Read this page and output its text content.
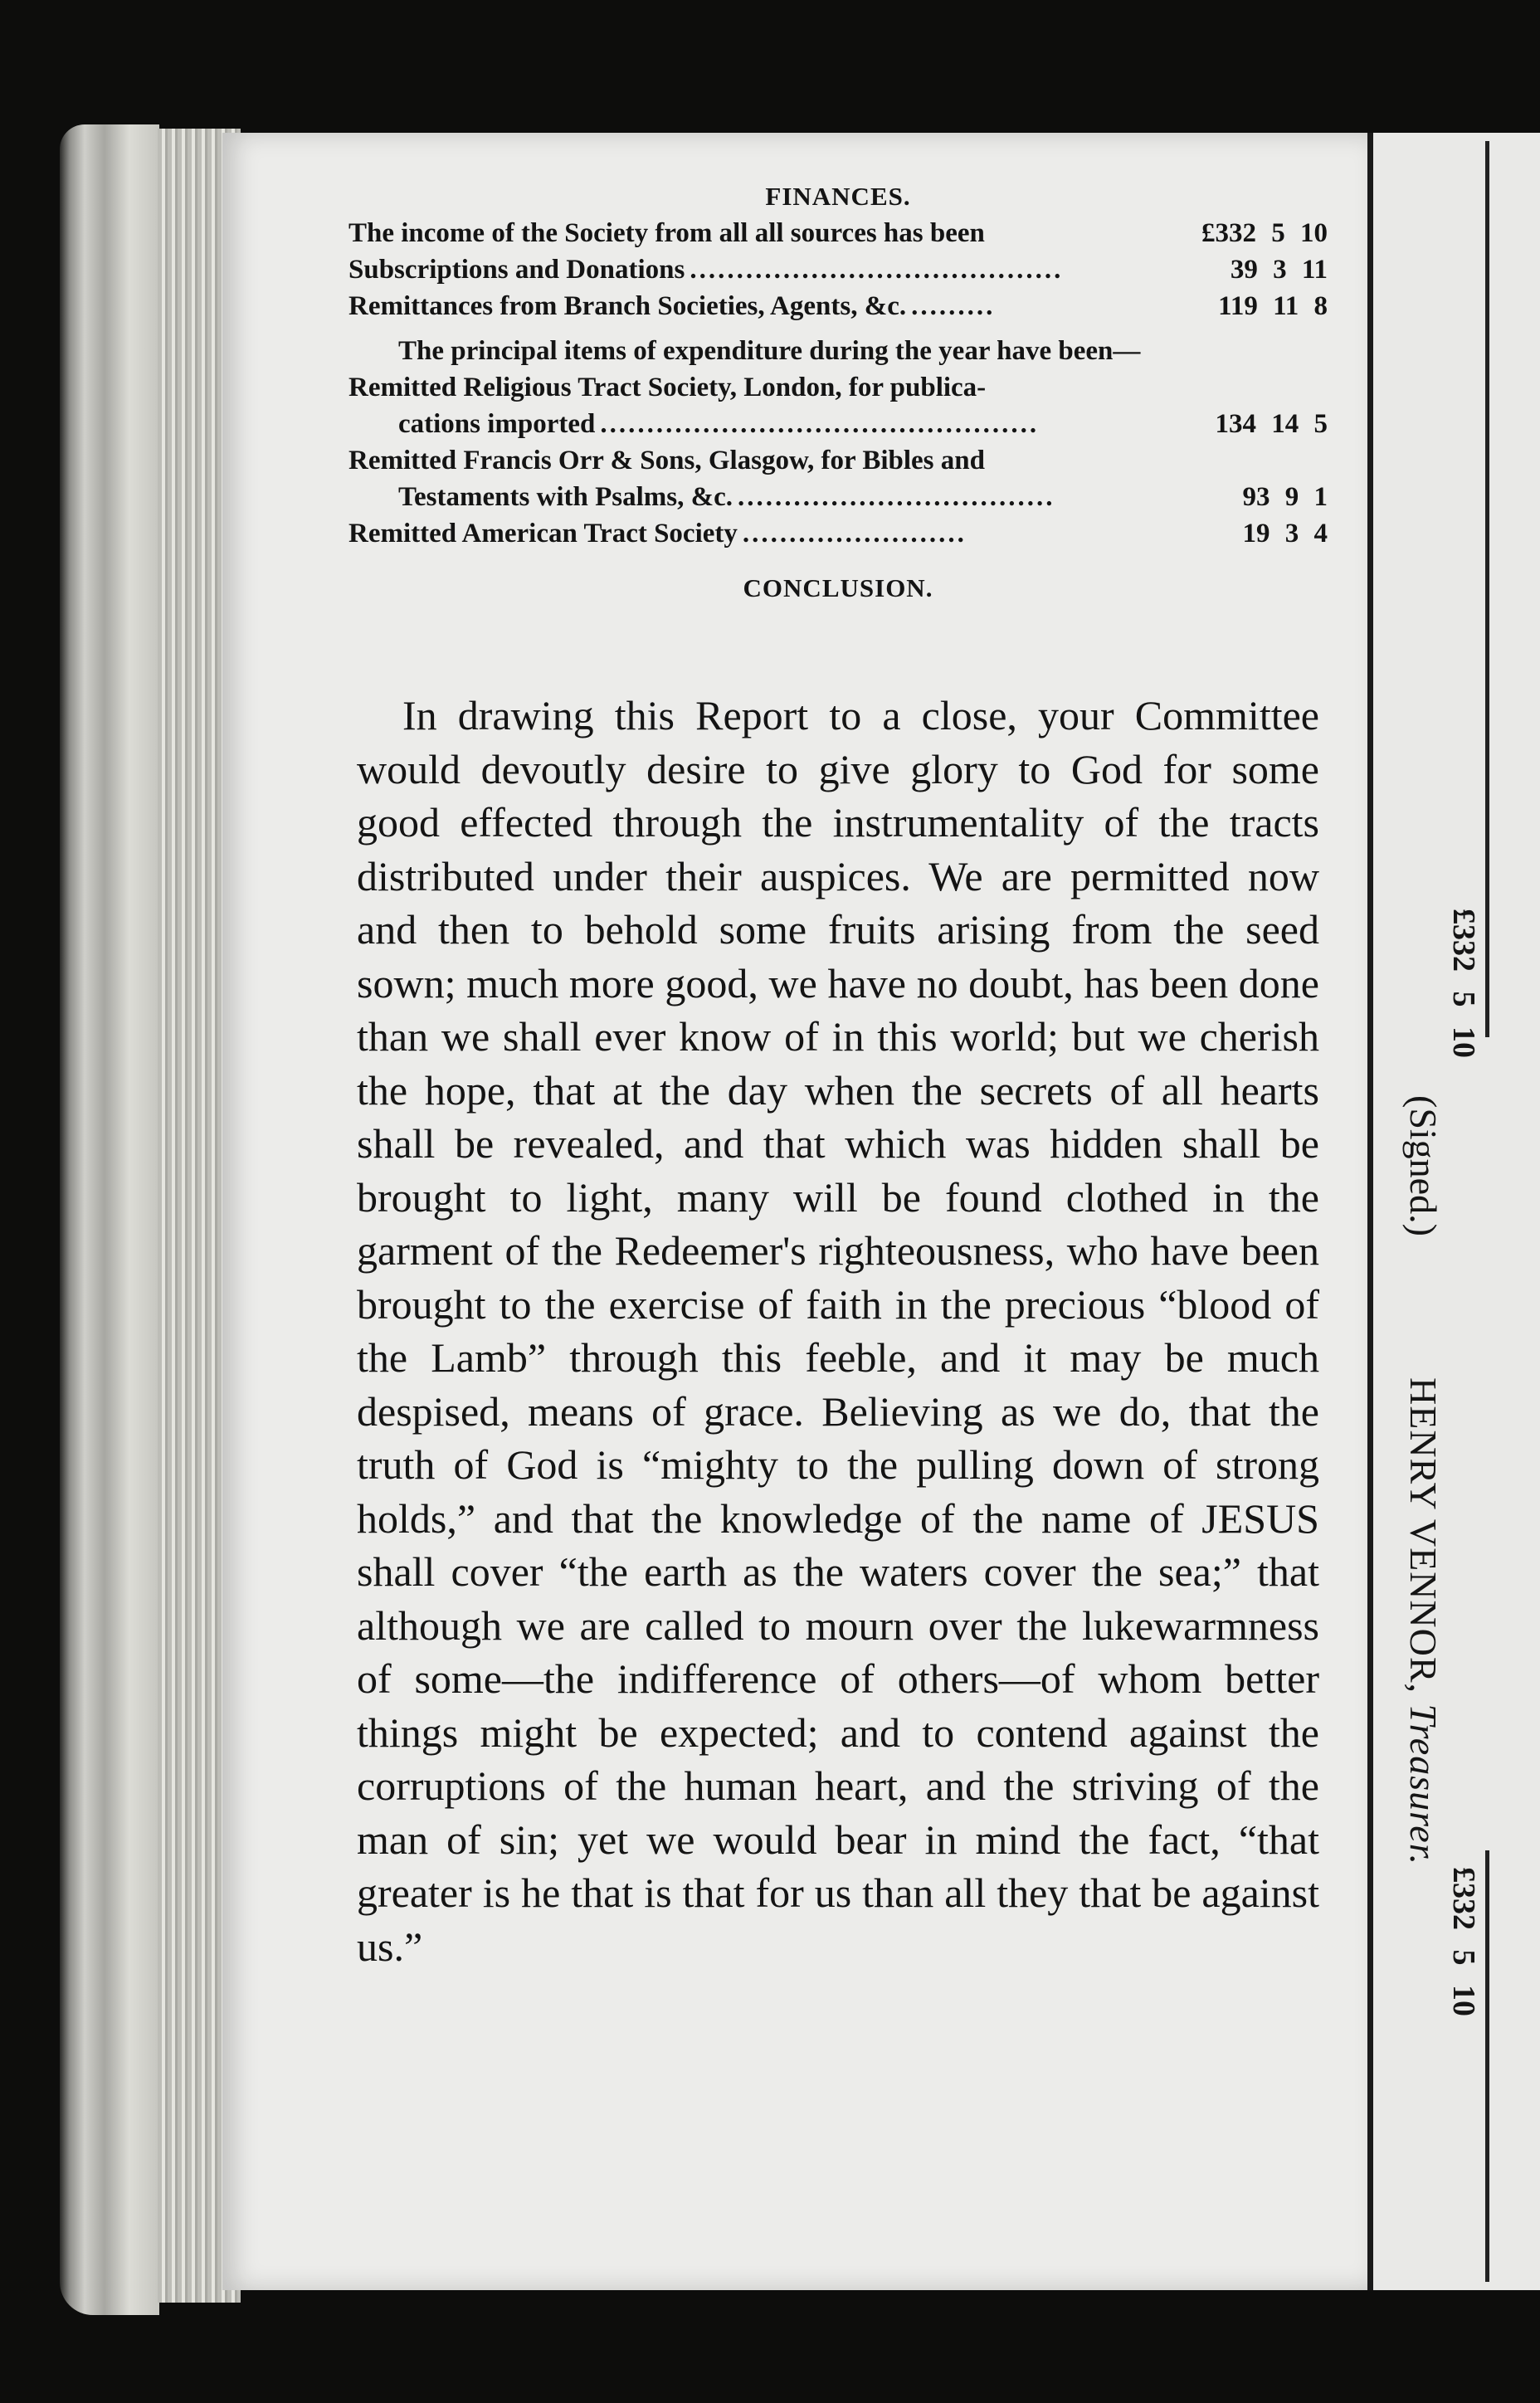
FINANCES.
The income of the Society from all all sources has been	£332 5 10
Subscriptions and Donations ........................................	39 3 11
Remittances from Branch Societies, Agents, &c. .........	119 11 8
The principal items of expenditure during the year have been—
Remitted Religious Tract Society, London, for publica-
cations imported ...............................................	134 14 5
Remitted Francis Orr & Sons, Glasgow, for Bibles and
Testaments with Psalms, &c. ..................................	93 9 1
Remitted American Tract Society ........................	19 3 4
CONCLUSION.

In drawing this Report to a close, your Committee would devoutly desire to give glory to God for some good effected through the instrumentality of the tracts distributed under their auspices. We are permitted now and then to behold some fruits arising from the seed sown; much more good, we have no doubt, has been done than we shall ever know of in this world; but we cherish the hope, that at the day when the secrets of all hearts shall be revealed, and that which was hidden shall be brought to light, many will be found clothed in the garment of the Redeemer's righteousness, who have been brought to the exercise of faith in the precious “blood of the Lamb” through this feeble, and it may be much despised, means of grace. Believing as we do, that the truth of God is “mighty to the pulling down of strong holds,” and that the knowledge of the name of JESUS shall cover “the earth as the waters cover the sea;” that although we are called to mourn over the lukewarmness of some—the indifference of others—of whom better things might be expected; and to contend against the corruptions of the human heart, and the striving of the man of sin; yet we would bear in mind the fact, “that greater is he that is that for us than all they that be against us.”

£332 5 10
(Signed.)
HENRY VENNOR, Treasurer.
£332 5 10
